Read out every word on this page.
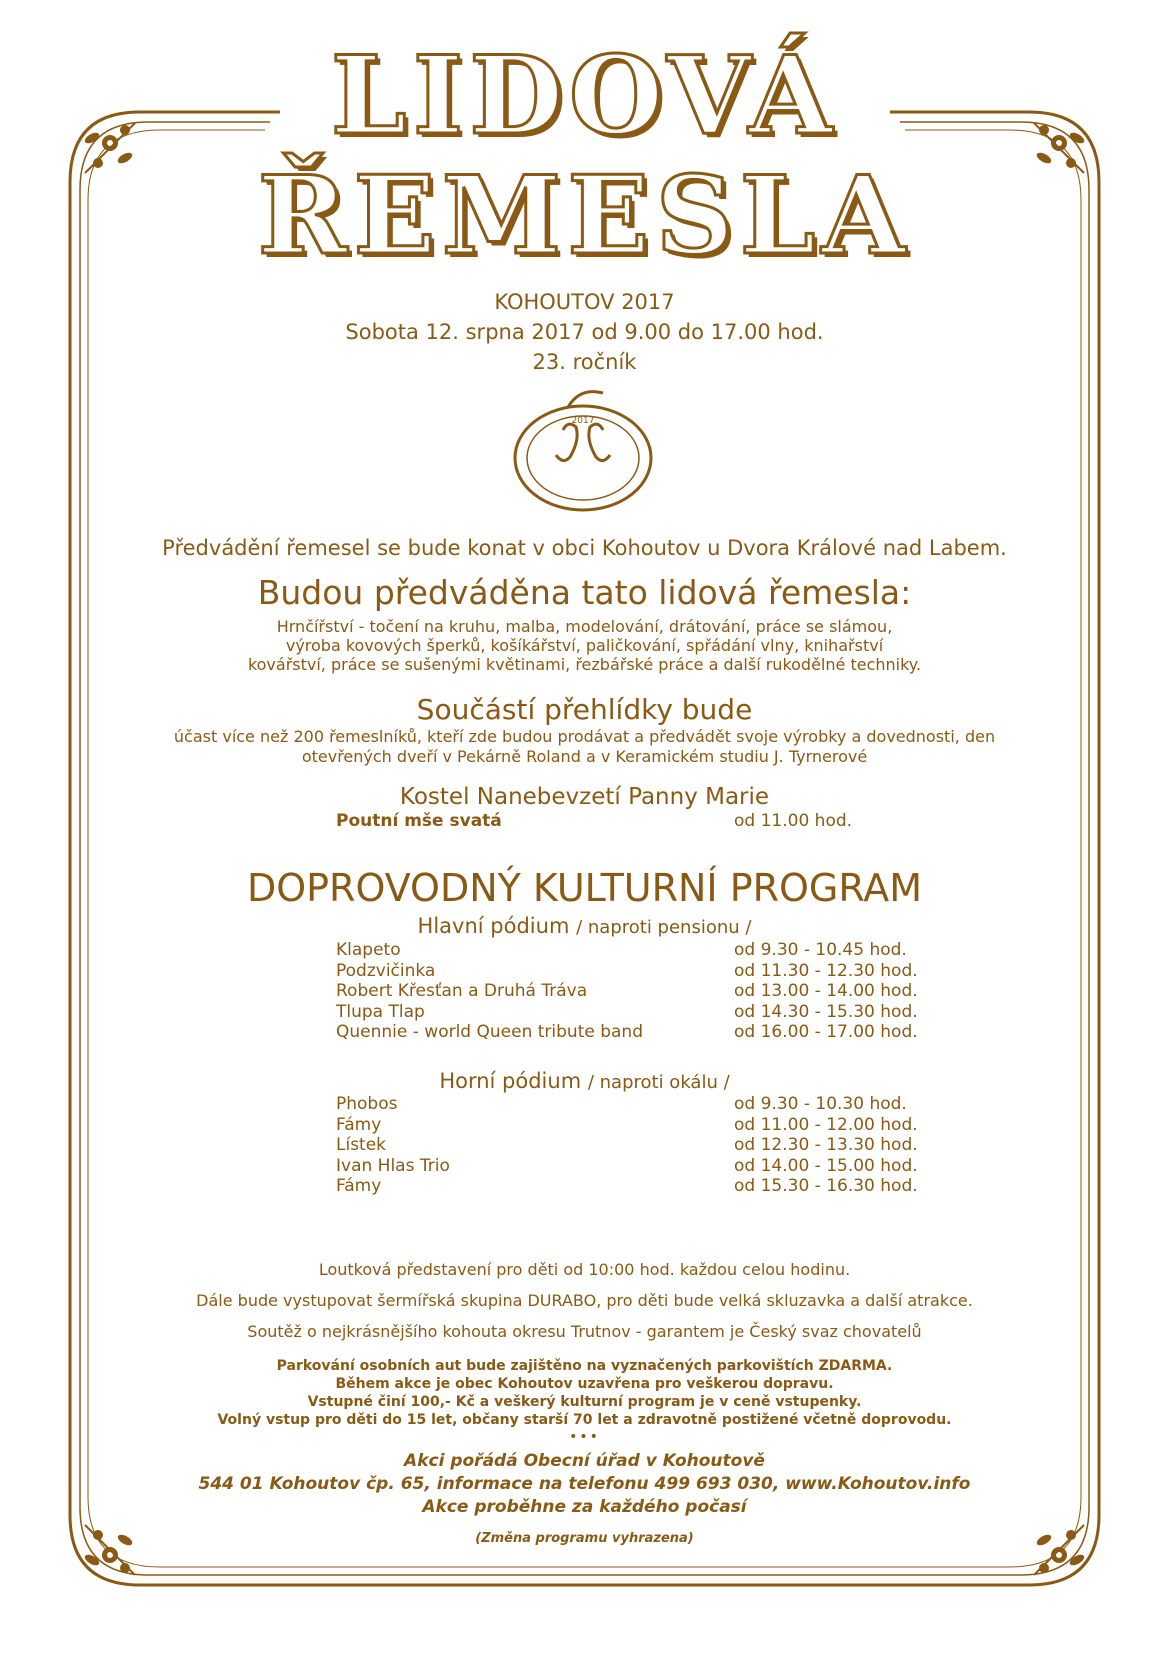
LIDOVÁ
ŘEMESLA
KOHOUTOV 2017
Sobota 12. srpna 2017 od 9.00 do 17.00 hod.
23. ročník
2017
Předvádění řemesel se bude konat v obci Kohoutov u Dvora Králové nad Labem.
Budou předváděna tato lidová řemesla:
Hrnčířství - točení na kruhu, malba, modelování, drátování, práce se slámou,
výroba kovových šperků, košíkářství, paličkování, spřádání vlny, knihařství
kovářství, práce se sušenými květinami, řezbářské práce a další rukodělné techniky.
Součástí přehlídky bude
účast více než 200 řemeslníků, kteří zde budou prodávat a předvádět svoje výrobky a dovednosti, den
otevřených dveří v Pekárně Roland a v Keramickém studiu J. Tyrnerové
Kostel Nanebevzetí Panny Marie
Poutní mše svatá	od 11.00 hod.
DOPROVODNÝ KULTURNÍ PROGRAM
Hlavní pódium / naproti pensionu /
Klapeto	od 9.30 - 10.45 hod.
Podzvičinka	od 11.30 - 12.30 hod.
Robert Křesťan a Druhá Tráva	od 13.00 - 14.00 hod.
Tlupa Tlap	od 14.30 - 15.30 hod.
Quennie - world Queen tribute band	od 16.00 - 17.00 hod.
Horní pódium / naproti okálu /
Phobos	od 9.30 - 10.30 hod.
Fámy	od 11.00 - 12.00 hod.
Lístek	od 12.30 - 13.30 hod.
Ivan Hlas Trio	od 14.00 - 15.00 hod.
Fámy	od 15.30 - 16.30 hod.
Loutková představení pro děti od 10:00 hod. každou celou hodinu.
Dále bude vystupovat šermířská skupina DURABO, pro děti bude velká skluzavka a další atrakce.
Soutěž o nejkrásnějšího kohouta okresu Trutnov - garantem je Český svaz chovatelů
Parkování osobních aut bude zajištěno na vyznačených parkovištích ZDARMA.
Během akce je obec Kohoutov uzavřena pro veškerou dopravu.
Vstupné činí 100,- Kč a veškerý kulturní program je v ceně vstupenky.
Volný vstup pro děti do 15 let, občany starší 70 let a zdravotně postižené včetně doprovodu.
•••
Akci pořádá Obecní úřad v Kohoutově
544 01 Kohoutov čp. 65, informace na telefonu 499 693 030, www.Kohoutov.info
Akce proběhne za každého počasí
(Změna programu vyhrazena)
